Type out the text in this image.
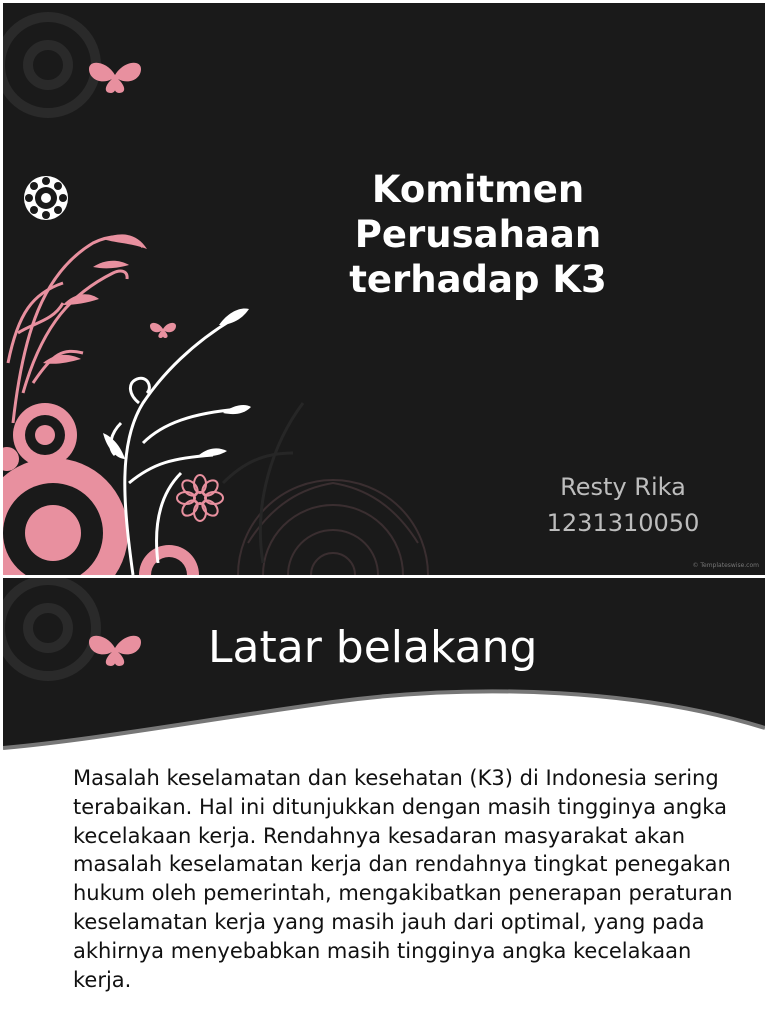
Komitmen
Perusahaan
terhadap K3
Resty Rika
1231310050
© Templateswise.com
Latar belakang
Masalah keselamatan dan kesehatan (K3) di Indonesia sering terabaikan. Hal ini ditunjukkan dengan masih tingginya angka kecelakaan kerja. Rendahnya kesadaran masyarakat akan masalah keselamatan kerja dan rendahnya tingkat penegakan hukum oleh pemerintah, mengakibatkan penerapan peraturan keselamatan kerja yang masih jauh dari optimal, yang pada akhirnya menyebabkan masih tingginya angka kecelakaan kerja.
